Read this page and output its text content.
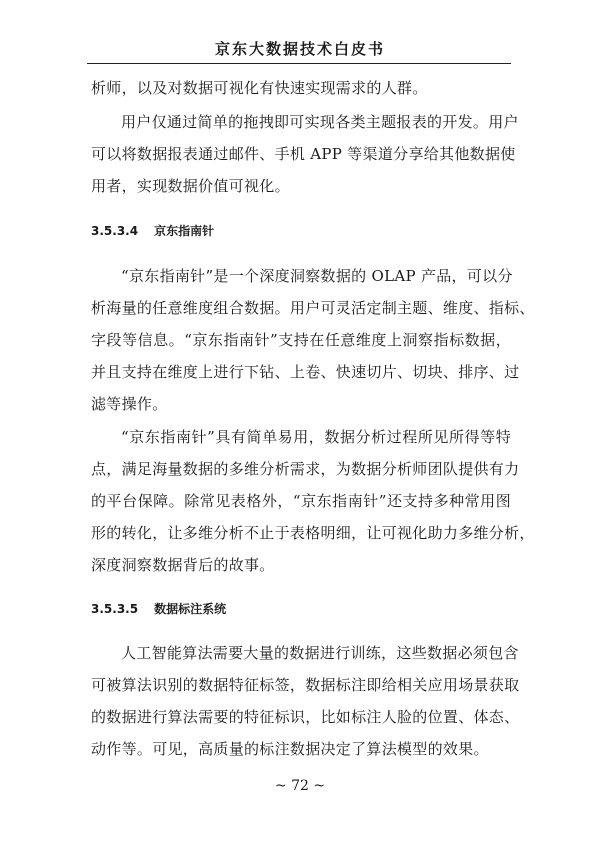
京东大数据技术白皮书
析师，以及对数据可视化有快速实现需求的人群。
用户仅通过简单的拖拽即可实现各类主题报表的开发。用户
可以将数据报表通过邮件、手机 APP 等渠道分享给其他数据使
用者，实现数据价值可视化。
3.5.3.4 京东指南针
“京东指南针”是一个深度洞察数据的 OLAP 产品，可以分
析海量的任意维度组合数据。用户可灵活定制主题、维度、指标、
字段等信息。“京东指南针”支持在任意维度上洞察指标数据，
并且支持在维度上进行下钻、上卷、快速切片、切块、排序、过
滤等操作。
“京东指南针”具有简单易用，数据分析过程所见所得等特
点，满足海量数据的多维分析需求，为数据分析师团队提供有力
的平台保障。除常见表格外，“京东指南针”还支持多种常用图
形的转化，让多维分析不止于表格明细，让可视化助力多维分析，
深度洞察数据背后的故事。
3.5.3.5 数据标注系统
人工智能算法需要大量的数据进行训练，这些数据必须包含
可被算法识别的数据特征标签，数据标注即给相关应用场景获取
的数据进行算法需要的特征标识，比如标注人脸的位置、体态、
动作等。可见，高质量的标注数据决定了算法模型的效果。
~ 72 ~
